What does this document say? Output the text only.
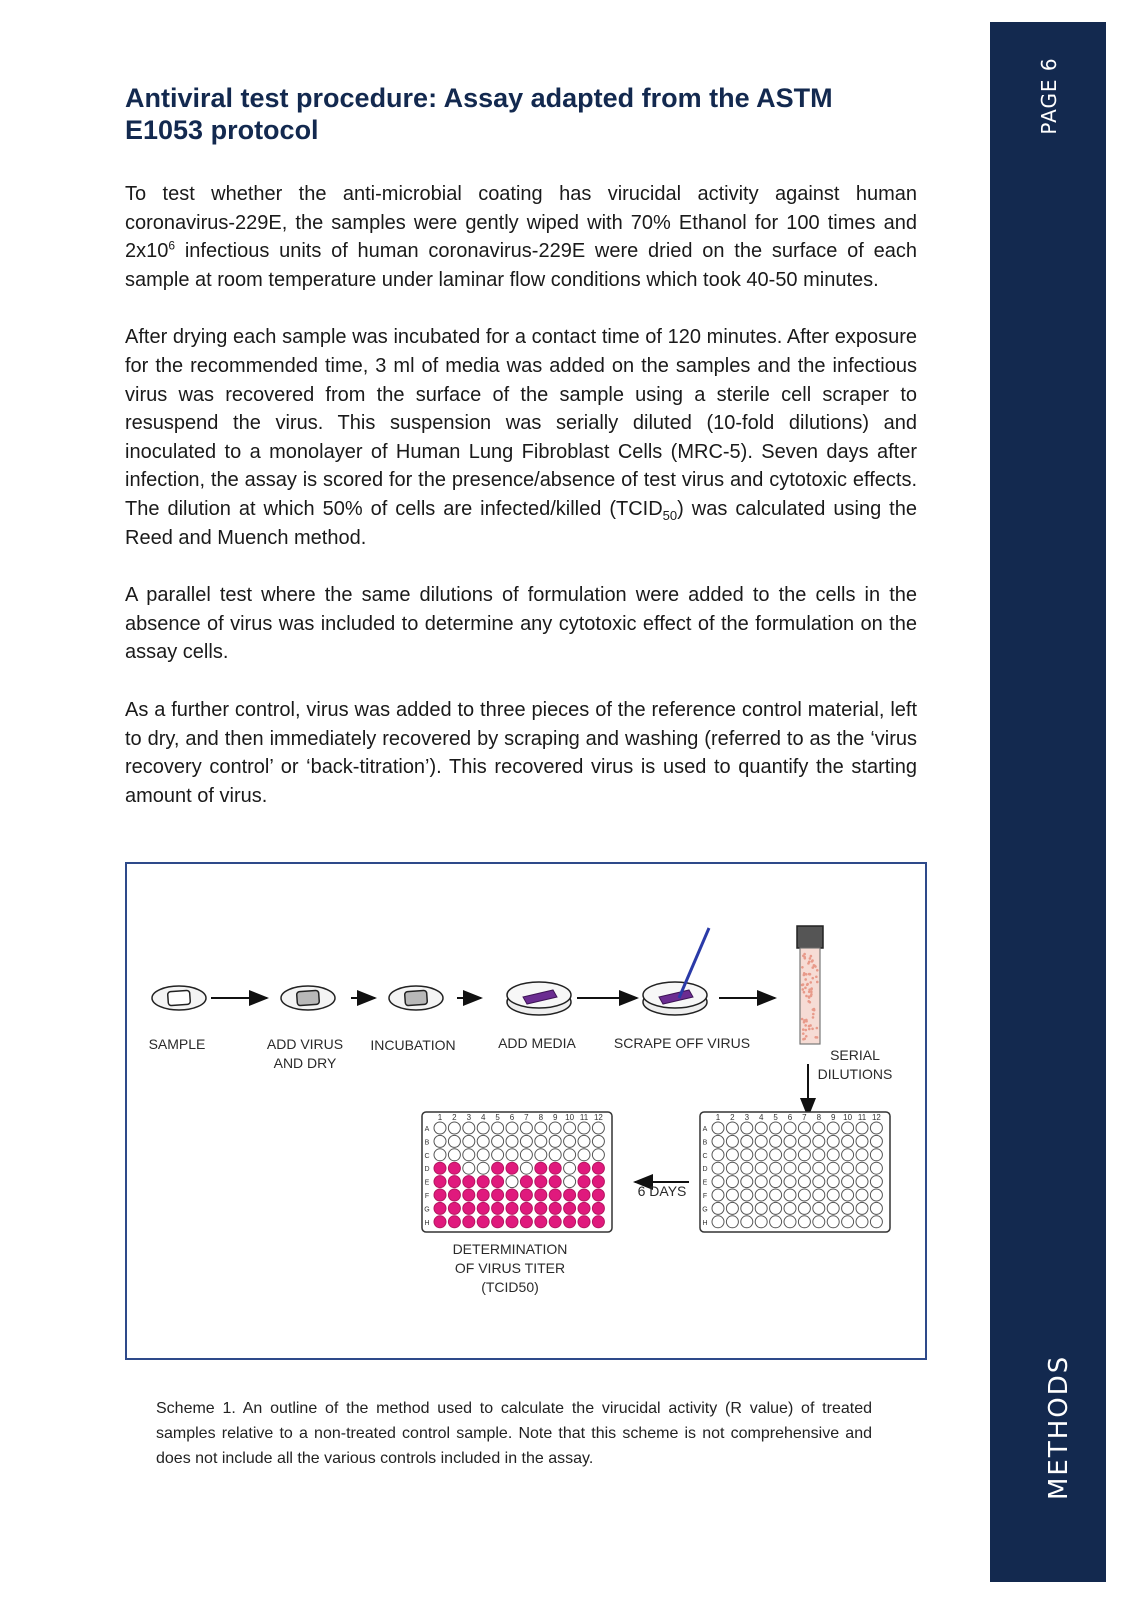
PAGE 6
METHODS
Antiviral test procedure: Assay adapted from the ASTM E1053 protocol

To test whether the anti-microbial coating has virucidal activity against human coronavirus-229E, the samples were gently wiped with 70% Ethanol for 100 times and $2x10^6$ infectious units of human coronavirus-229E were dried on the surface of each sample at room temperature under laminar flow conditions which took 40-50 minutes.

After drying each sample was incubated for a contact time of 120 minutes. After exposure for the recommended time, 3 ml of media was added on the samples and the infectious virus was recovered from the surface of the sample using a sterile cell scraper to resuspend the virus. This suspension was serially diluted (10-fold dilutions) and inoculated to a monolayer of Human Lung Fibroblast Cells (MRC-5). Seven days after infection, the assay is scored for the presence/absence of test virus and cytotoxic effects. The dilution at which 50% of cells are infected/killed $(TCID_{50})$ was calculated using the Reed and Muench method.

A parallel test where the same dilutions of formulation were added to the cells in the absence of virus was included to determine any cytotoxic effect of the formulation on the assay cells.

As a further control, virus was added to three pieces of the reference control material, left to dry, and then immediately recovered by scraping and washing (referred to as the ‘virus recovery control’ or ‘back-titration’). This recovered virus is used to quantify the starting amount of virus.

1 2 3 4 5 6 7 8 9 10 11 12
A
B
C
D
E
F
G
H
1 2 3 4 5 6 7 8 9 10 11 12
A
B
C
D
E
F
G
H
SAMPLE	ADD VIRUS AND DRY
INCUBATION	ADD MEDIA	SCRAPE OFF VIRUS
SERIAL DILUTIONS
6 DAYS
DETERMINATION OF VIRUS TITER (TCID50)
Scheme 1. An outline of the method used to calculate the virucidal activity (R value) of treated samples relative to a non-treated control sample. Note that this scheme is not comprehensive and does not include all the various controls included in the assay.
